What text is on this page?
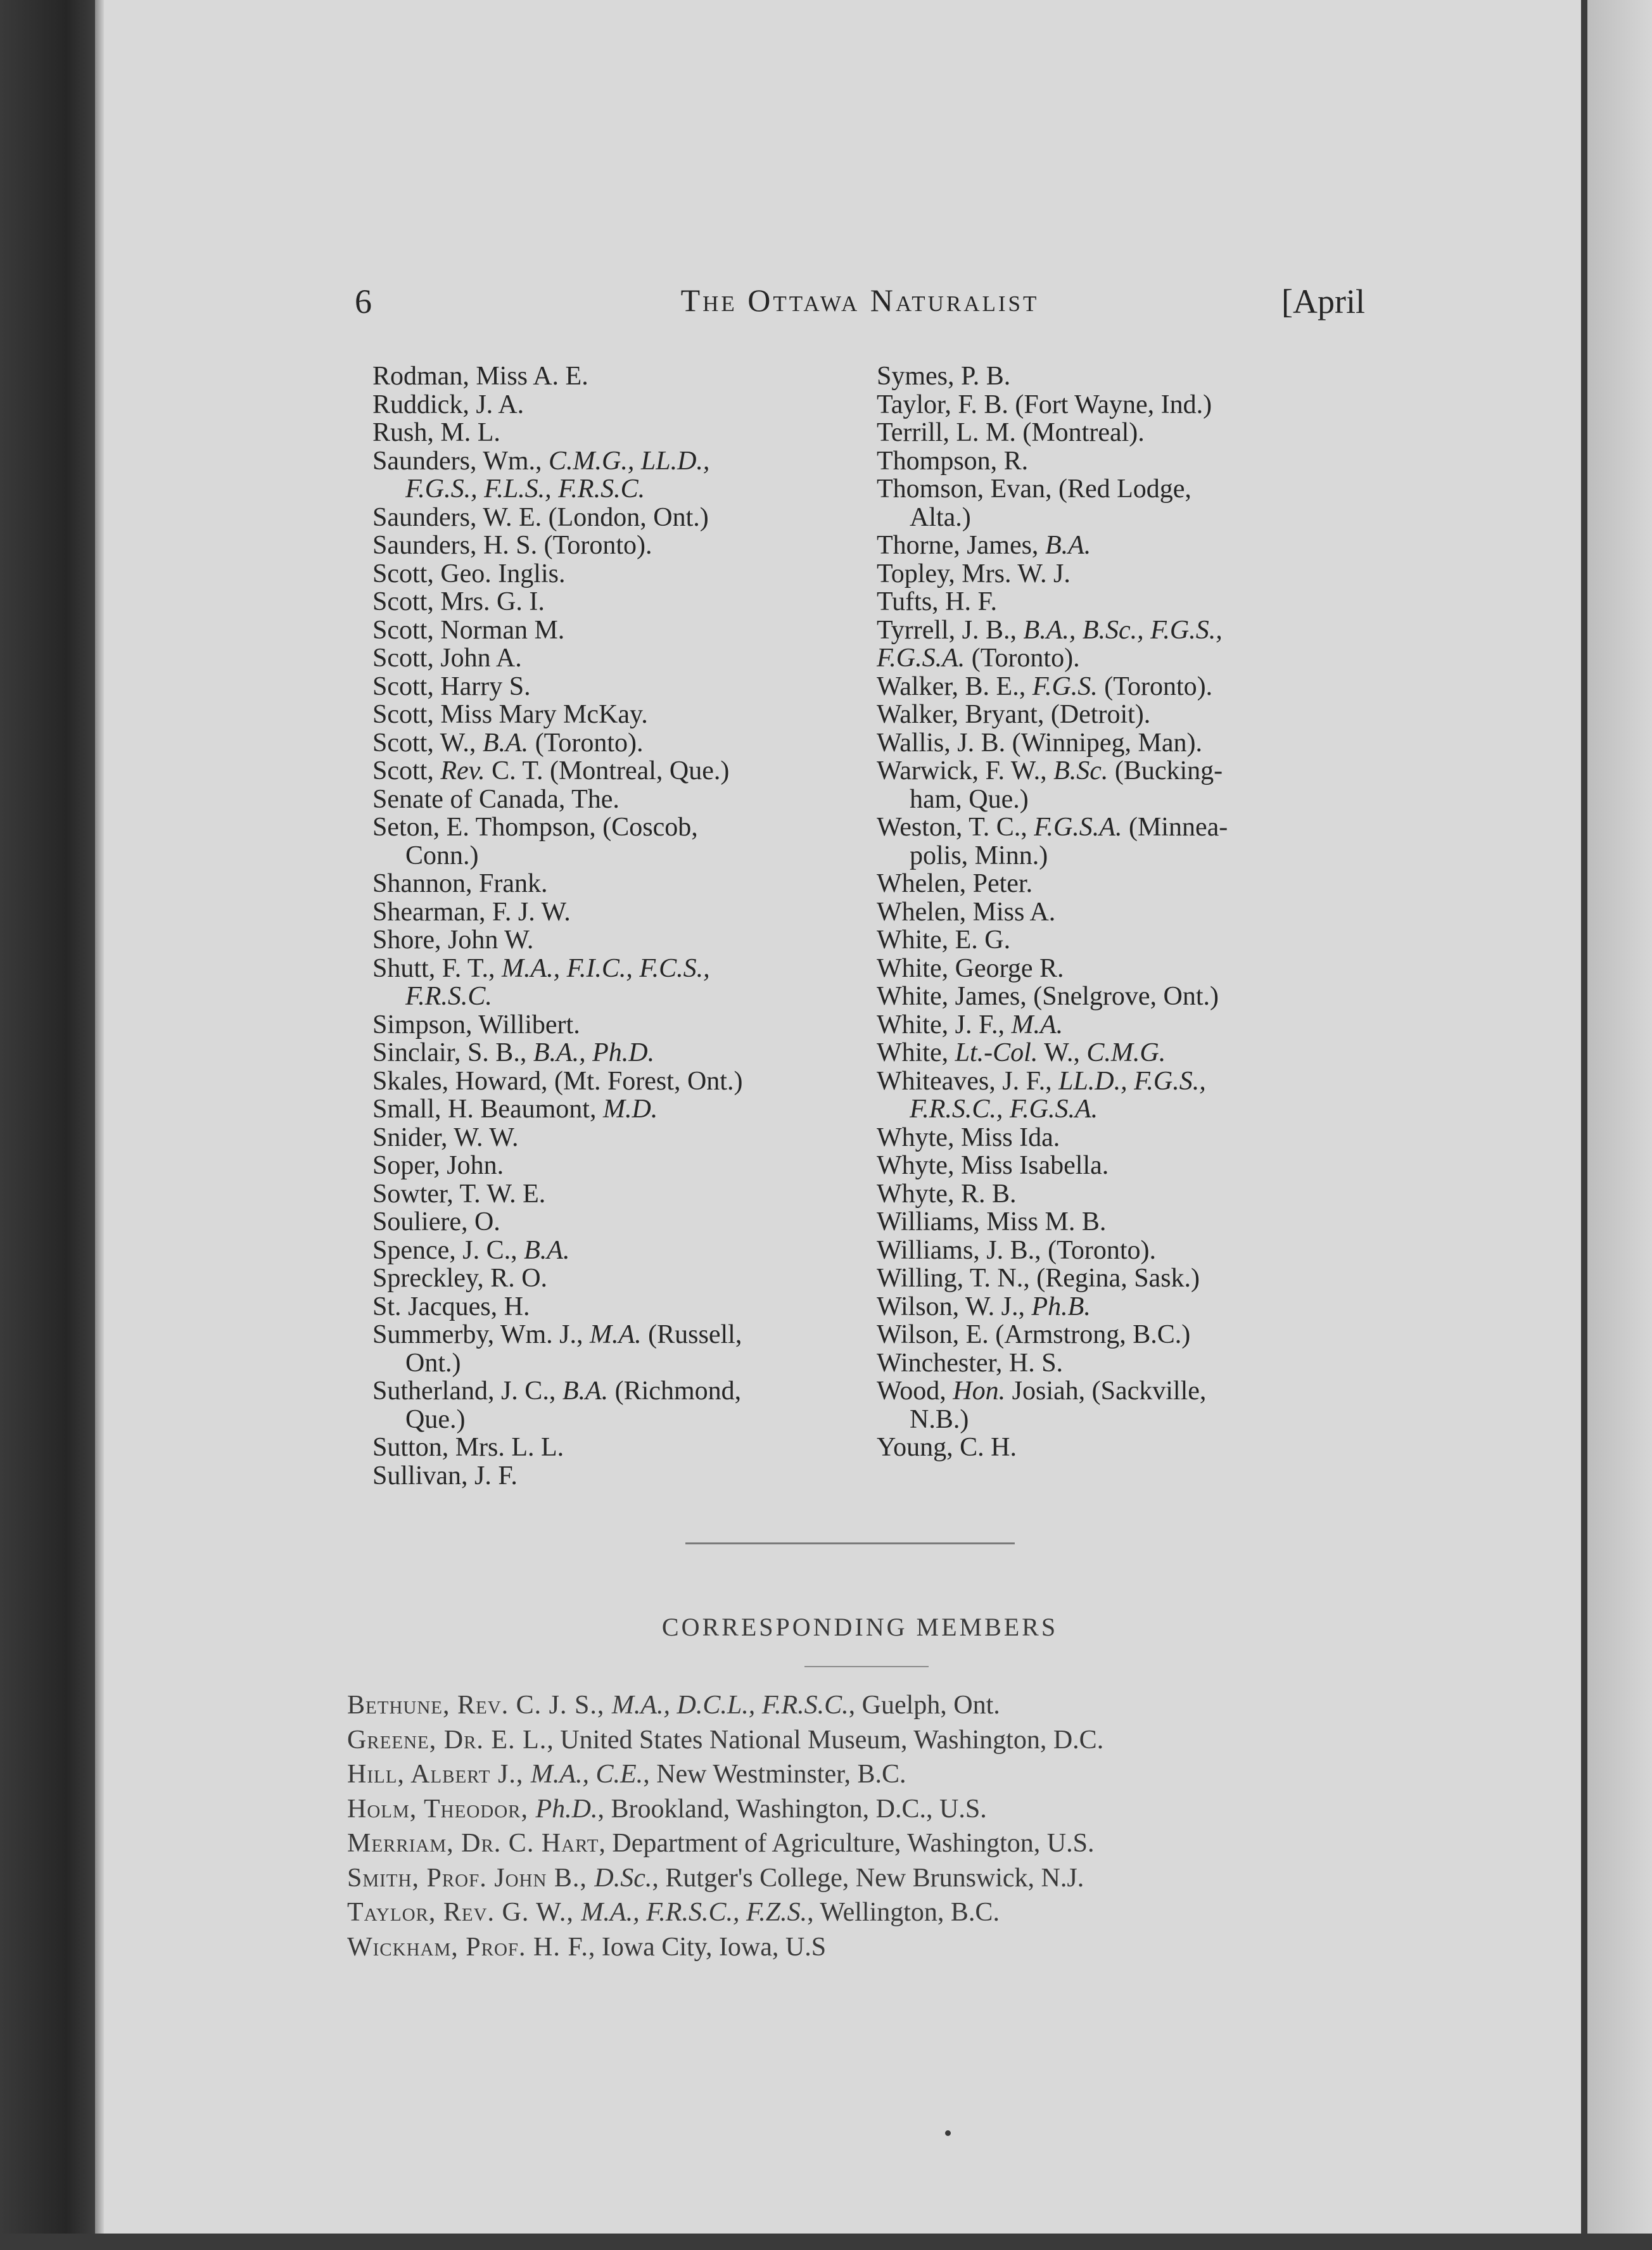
6	The Ottawa Naturalist	[April
Rodman, Miss A. E.
Ruddick, J. A.
Rush, M. L.
Saunders, Wm., C.M.G., LL.D.,
F.G.S., F.L.S., F.R.S.C.
Saunders, W. E. (London, Ont.)
Saunders, H. S. (Toronto).
Scott, Geo. Inglis.
Scott, Mrs. G. I.
Scott, Norman M.
Scott, John A.
Scott, Harry S.
Scott, Miss Mary McKay.
Scott, W., B.A. (Toronto).
Scott, Rev. C. T. (Montreal, Que.)
Senate of Canada, The.
Seton, E. Thompson, (Coscob,
Conn.)
Shannon, Frank.
Shearman, F. J. W.
Shore, John W.
Shutt, F. T., M.A., F.I.C., F.C.S.,
F.R.S.C.
Simpson, Willibert.
Sinclair, S. B., B.A., Ph.D.
Skales, Howard, (Mt. Forest, Ont.)
Small, H. Beaumont, M.D.
Snider, W. W.
Soper, John.
Sowter, T. W. E.
Souliere, O.
Spence, J. C., B.A.
Spreckley, R. O.
St. Jacques, H.
Summerby, Wm. J., M.A. (Russell,
Ont.)
Sutherland, J. C., B.A. (Richmond,
Que.)
Sutton, Mrs. L. L.
Sullivan, J. F.
Symes, P. B.
Taylor, F. B. (Fort Wayne, Ind.)
Terrill, L. M. (Montreal).
Thompson, R.
Thomson, Evan, (Red Lodge,
Alta.)
Thorne, James, B.A.
Topley, Mrs. W. J.
Tufts, H. F.
Tyrrell, J. B., B.A., B.Sc., F.G.S.,
F.G.S.A. (Toronto).
Walker, B. E., F.G.S. (Toronto).
Walker, Bryant, (Detroit).
Wallis, J. B. (Winnipeg, Man).
Warwick, F. W., B.Sc. (Bucking-
ham, Que.)
Weston, T. C., F.G.S.A. (Minnea-
polis, Minn.)
Whelen, Peter.
Whelen, Miss A.
White, E. G.
White, George R.
White, James, (Snelgrove, Ont.)
White, J. F., M.A.
White, Lt.-Col. W., C.M.G.
Whiteaves, J. F., LL.D., F.G.S.,
F.R.S.C., F.G.S.A.
Whyte, Miss Ida.
Whyte, Miss Isabella.
Whyte, R. B.
Williams, Miss M. B.
Williams, J. B., (Toronto).
Willing, T. N., (Regina, Sask.)
Wilson, W. J., Ph.B.
Wilson, E. (Armstrong, B.C.)
Winchester, H. S.
Wood, Hon. Josiah, (Sackville,
N.B.)
Young, C. H.
CORRESPONDING MEMBERS
Bethune, Rev. C. J. S., M.A., D.C.L., F.R.S.C., Guelph, Ont.
Greene, Dr. E. L., United States National Museum, Washington, D.C.
Hill, Albert J., M.A., C.E., New Westminster, B.C.
Holm, Theodor, Ph.D., Brookland, Washington, D.C., U.S.
Merriam, Dr. C. Hart, Department of Agriculture, Washington, U.S.
Smith, Prof. John B., D.Sc., Rutger's College, New Brunswick, N.J.
Taylor, Rev. G. W., M.A., F.R.S.C., F.Z.S., Wellington, B.C.
Wickham, Prof. H. F., Iowa City, Iowa, U.S
